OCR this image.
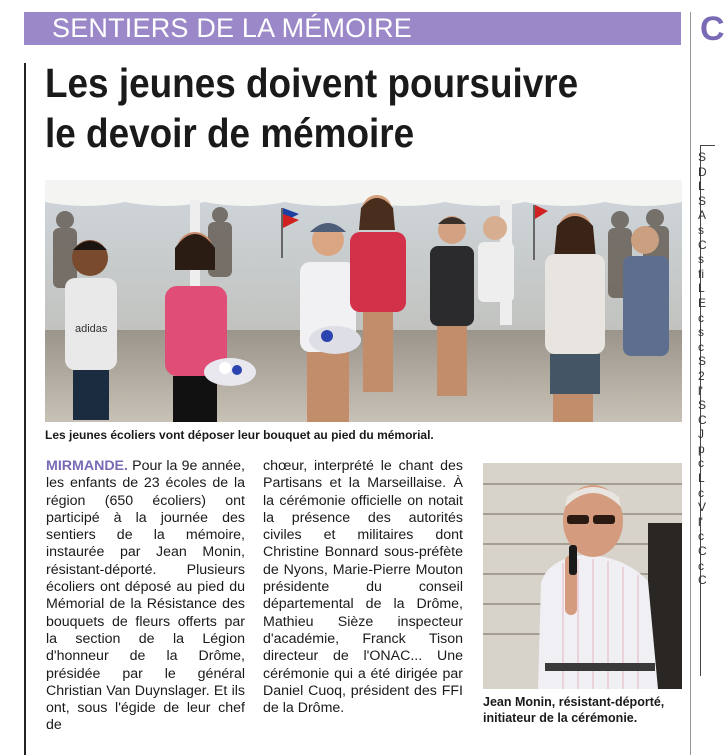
SENTIERS DE LA MÉMOIRE
Les jeunes doivent poursuivre
le devoir de mémoire
adidas
Les jeunes écoliers vont déposer leur bouquet au pied du mémorial.
MIRMANDE. Pour la 9e année, les enfants de 23 écoles de la région (650 écoliers) ont participé à la journée des sentiers de la mémoire, instaurée par Jean Monin, résistant-déporté. Plusieurs écoliers ont déposé au pied du Mémorial de la Résistance des bouquets de fleurs offerts par la section de la Légion d'honneur de la Drôme, présidée par le général Christian Van Duynslager. Et ils ont, sous l'égide de leur chef de
chœur, interprété le chant des Partisans et la Marseillaise. À la cérémonie officielle on notait la présence des autorités civiles et militaires dont Christine Bonnard sous-préfète de Nyons, Marie-Pierre Mouton présidente du conseil départemental de la Drôme, Mathieu Sièze inspecteur d'académie, Franck Tison directeur de l'ONAC... Une cérémonie qui a été dirigée par Daniel Cuoq, président des FFI de la Drôme.	Jean Monin, résistant-déporté, initiateur de la cérémonie.
C
S
D
L
S
A
s
C
s
fi
L
E
c
s
c
S
2
l'
S
C
J
p
c
L
c
V
l'
c
C
c
C
